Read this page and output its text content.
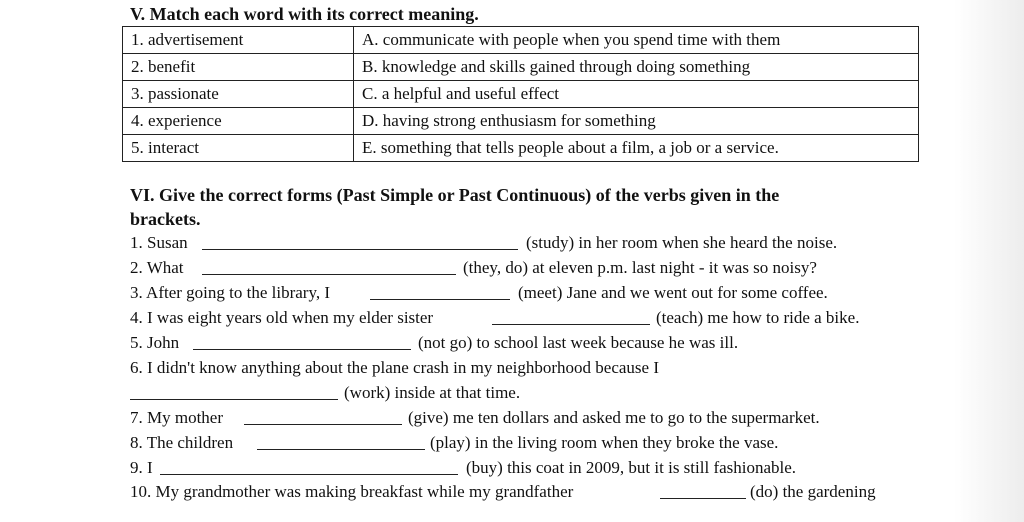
V. Match each word with its correct meaning.
1. advertisement	A. communicate with people when you spend time with them
2. benefit	B. knowledge and skills gained through doing something
3. passionate	C. a helpful and useful effect
4. experience	D. having strong enthusiasm for something
5. interact	E. something that tells people about a film, a job or a service.
VI. Give the correct forms (Past Simple or Past Continuous) of the verbs given in the
brackets.
1. Susan	(study) in her room when she heard the noise.
2. What	(they, do) at eleven p.m. last night - it was so noisy?
3. After going to the library, I	(meet) Jane and we went out for some coffee.
4. I was eight years old when my elder sister	(teach) me how to ride a bike.
5. John	(not go) to school last week because he was ill.
6. I didn't know anything about the plane crash in my neighborhood because I
(work) inside at that time.
7. My mother	(give) me ten dollars and asked me to go to the supermarket.
8. The children	(play) in the living room when they broke the vase.
9. I	(buy) this coat in 2009, but it is still fashionable.
10. My grandmother was making breakfast while my grandfather	(do) the gardening
